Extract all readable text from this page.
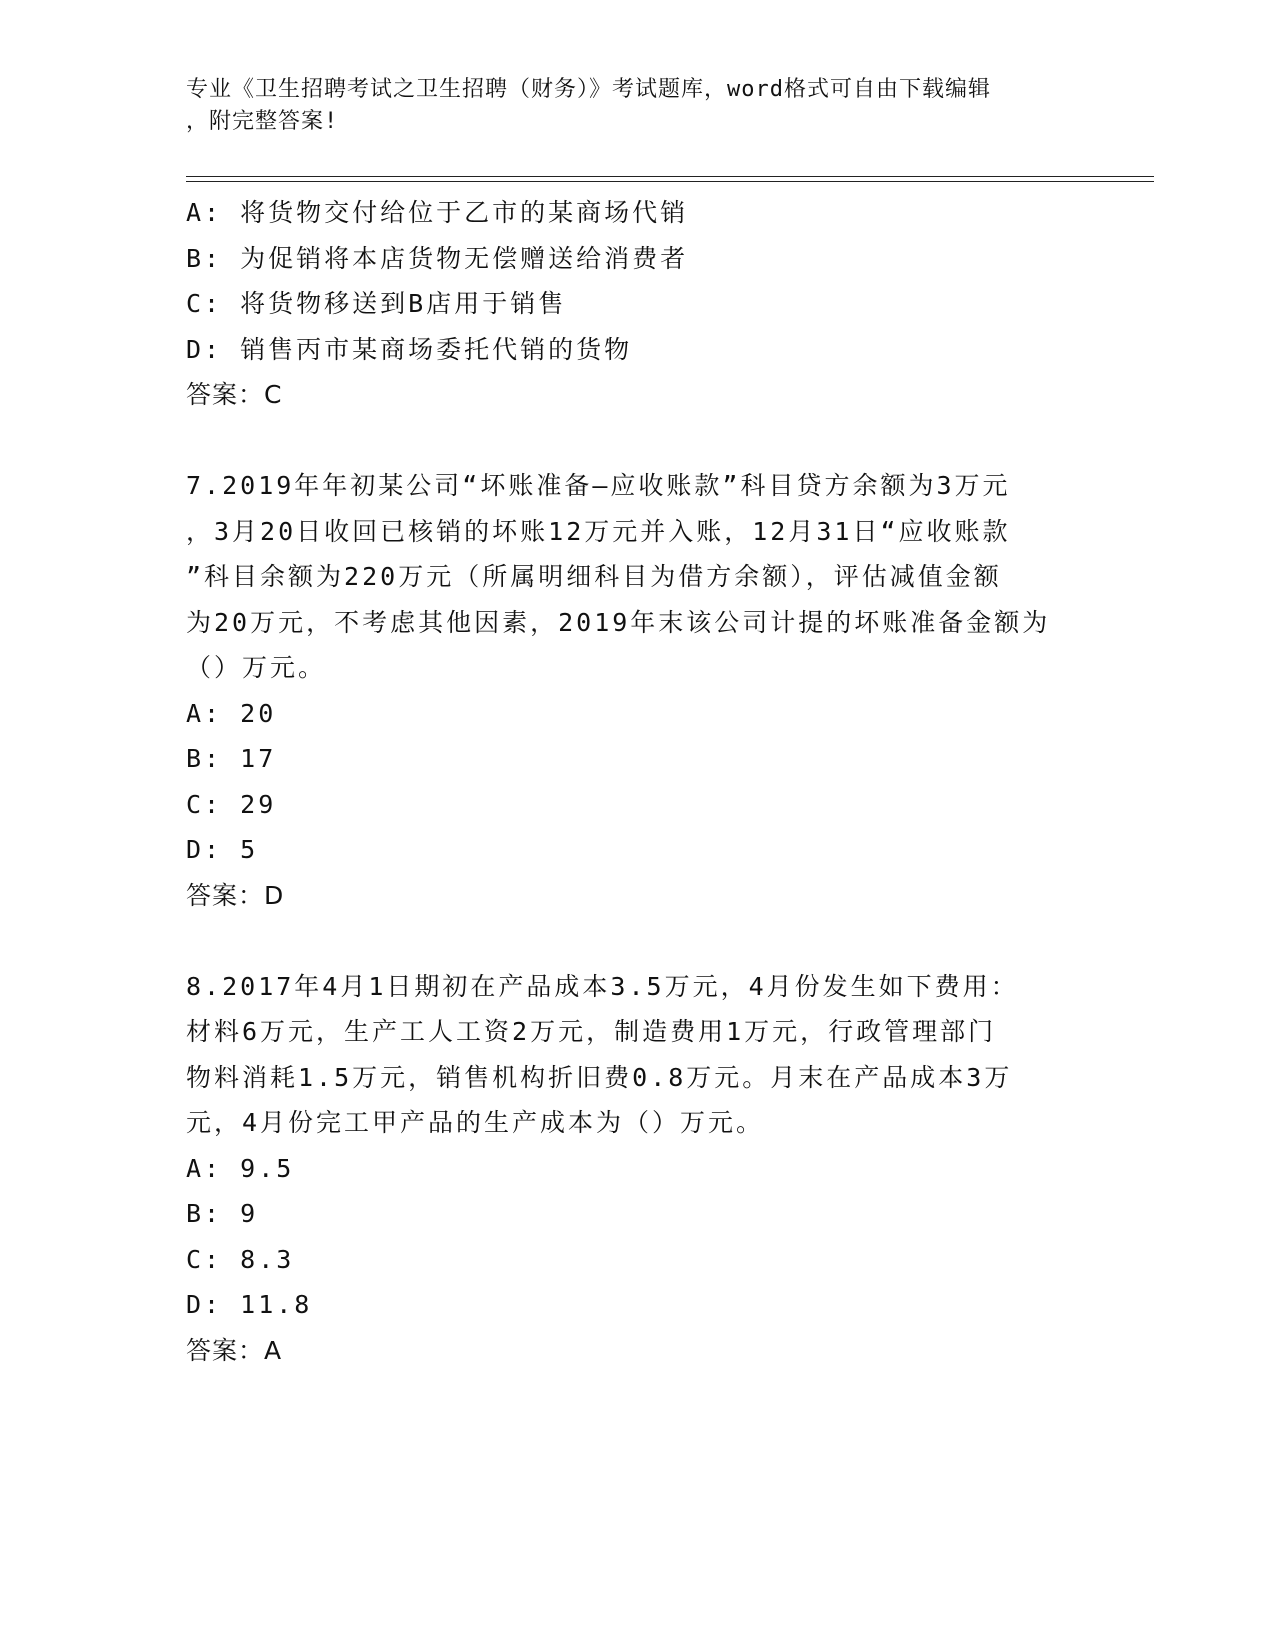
专业《卫生招聘考试之卫生招聘（财务）》考试题库，word格式可自由下载编辑
，附完整答案!
A: 将货物交付给位于乙市的某商场代销
B: 为促销将本店货物无偿赠送给消费者
C: 将货物移送到B店用于销售
D: 销售丙市某商场委托代销的货物
答案：C
7.2019年年初某公司“坏账准备—应收账款”科目贷方余额为3万元
，3月20日收回已核销的坏账12万元并入账，12月31日“应收账款
”科目余额为220万元（所属明细科目为借方余额），评估减值金额
为20万元，不考虑其他因素，2019年末该公司计提的坏账准备金额为
（）万元。
A: 20
B: 17
C: 29
D: 5
答案：D
8.2017年4月1日期初在产品成本3.5万元，4月份发生如下费用：
材料6万元，生产工人工资2万元，制造费用1万元，行政管理部门
物料消耗1.5万元，销售机构折旧费0.8万元。月末在产品成本3万
元，4月份完工甲产品的生产成本为（）万元。
A: 9.5
B: 9
C: 8.3
D: 11.8
答案：A
